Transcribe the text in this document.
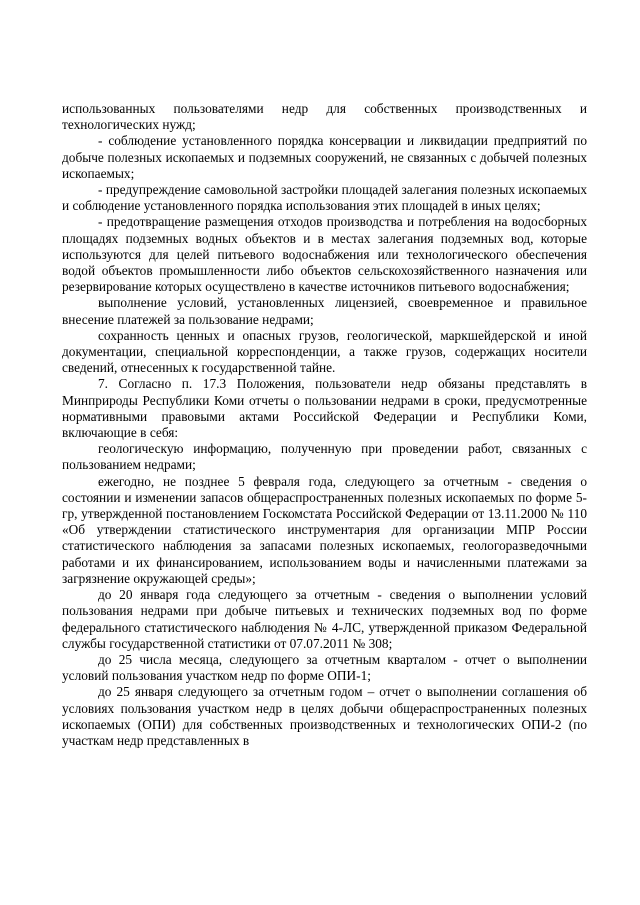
использованных пользователями недр для собственных производственных и технологических нужд;

- соблюдение установленного порядка консервации и ликвидации предприятий по добыче полезных ископаемых и подземных сооружений, не связанных с добычей полезных ископаемых;

- предупреждение самовольной застройки площадей залегания полезных ископаемых и соблюдение установленного порядка использования этих площадей в иных целях;

- предотвращение размещения отходов производства и потребления на водосборных площадях подземных водных объектов и в местах залегания подземных вод, которые используются для целей питьевого водоснабжения или технологического обеспечения водой объектов промышленности либо объектов сельскохозяйственного назначения или резервирование которых осуществлено в качестве источников питьевого водоснабжения;

выполнение условий, установленных лицензией, своевременное и правильное внесение платежей за пользование недрами;

сохранность ценных и опасных грузов, геологической, маркшейдерской и иной документации, специальной корреспонденции, а также грузов, содержащих носители сведений, отнесенных к государственной тайне.

7. Согласно п. 17.3 Положения, пользователи недр обязаны представлять в Минприроды Республики Коми отчеты о пользовании недрами в сроки, предусмотренные нормативными правовыми актами Российской Федерации и Республики Коми, включающие в себя:

геологическую информацию, полученную при проведении работ, связанных с пользованием недрами;

ежегодно, не позднее 5 февраля года, следующего за отчетным - сведения о состоянии и изменении запасов общераспространенных полезных ископаемых по форме 5-гр, утвержденной постановлением Госкомстата Российской Федерации от 13.11.2000 № 110 «Об утверждении статистического инструментария для организации МПР России статистического наблюдения за запасами полезных ископаемых, геологоразведочными работами и их финансированием, использованием воды и начисленными платежами за загрязнение окружающей среды»;

до 20 января года следующего за отчетным - сведения о выполнении условий пользования недрами при добыче питьевых и технических подземных вод по форме федерального статистического наблюдения № 4-ЛС, утвержденной приказом Федеральной службы государственной статистики от 07.07.2011 № 308;

до 25 числа месяца, следующего за отчетным кварталом - отчет о выполнении условий пользования участком недр по форме ОПИ-1;

до 25 января следующего за отчетным годом – отчет о выполнении соглашения об условиях пользования участком недр в целях добычи общераспространенных полезных ископаемых (ОПИ) для собственных производственных и технологических ОПИ-2 (по участкам недр представленных в
